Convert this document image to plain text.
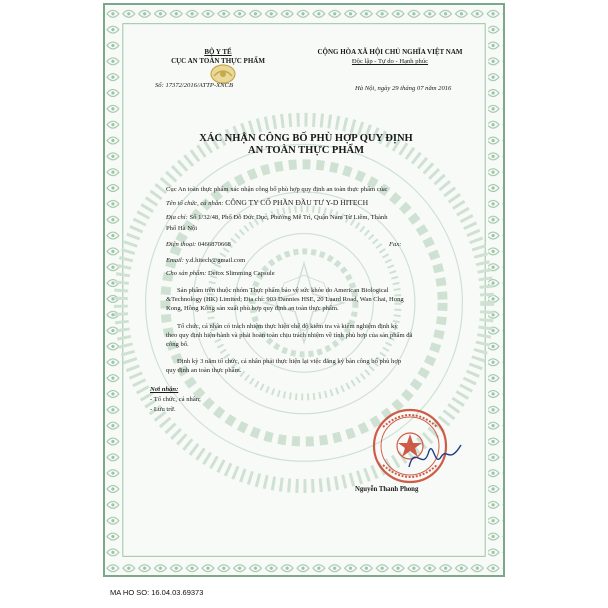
BỘ Y TẾ
CỤC AN TOÀN THỰC PHẨM
Số: 17372/2016/ATTP-XNCB
CỘNG HÒA XÃ HỘI CHỦ NGHĨA VIỆT NAM
Độc lập - Tự do - Hạnh phúc
Hà Nội, ngày 29 tháng 07 năm 2016
XÁC NHẬN CÔNG BỐ PHÙ HỢP QUY ĐỊNH
AN TOÀN THỰC PHẨM
Cục An toàn thực phẩm xác nhận công bố phù hợp quy định an toàn thực phẩm của:
Tên tổ chức, cá nhân: CÔNG TY CỔ PHẦN ĐẦU TƯ Y-D HITECH
Địa chỉ: Số 1/32/48, Phố Đỗ Đức Dục, Phường Mễ Trì, Quận Nam Từ Liêm, Thành
Phố Hà Nội
Điện thoại: 0466870668	Fax:
Email: y.d.hitech@gmail.com
Cho sản phẩm: Detox Slimming Capsule
Sản phẩm trên thuộc nhóm Thực phẩm bảo vệ sức khỏe do American Biological
&Technology (HK) Limited; Địa chỉ: 903 Dannies HSE, 20 Luard Road, Wan Chai, Hong
Kong, Hồng Kông sản xuất phù hợp quy định an toàn thực phẩm.
Tổ chức, cá nhân có trách nhiệm thực hiện chế độ kiểm tra và kiểm nghiệm định kỳ
theo quy định hiện hành và phải hoàn toàn chịu trách nhiệm về tính phù hợp của sản phẩm đã
công bố.
Định kỳ 3 năm tổ chức, cá nhân phải thực hiện lại việc đăng ký bản công bố phù hợp
quy định an toàn thực phẩm.
Nơi nhận:
- Tổ chức, cá nhân;
- Lưu trữ.
Nguyễn Thanh Phong
MA HO SO: 16.04.03.69373
